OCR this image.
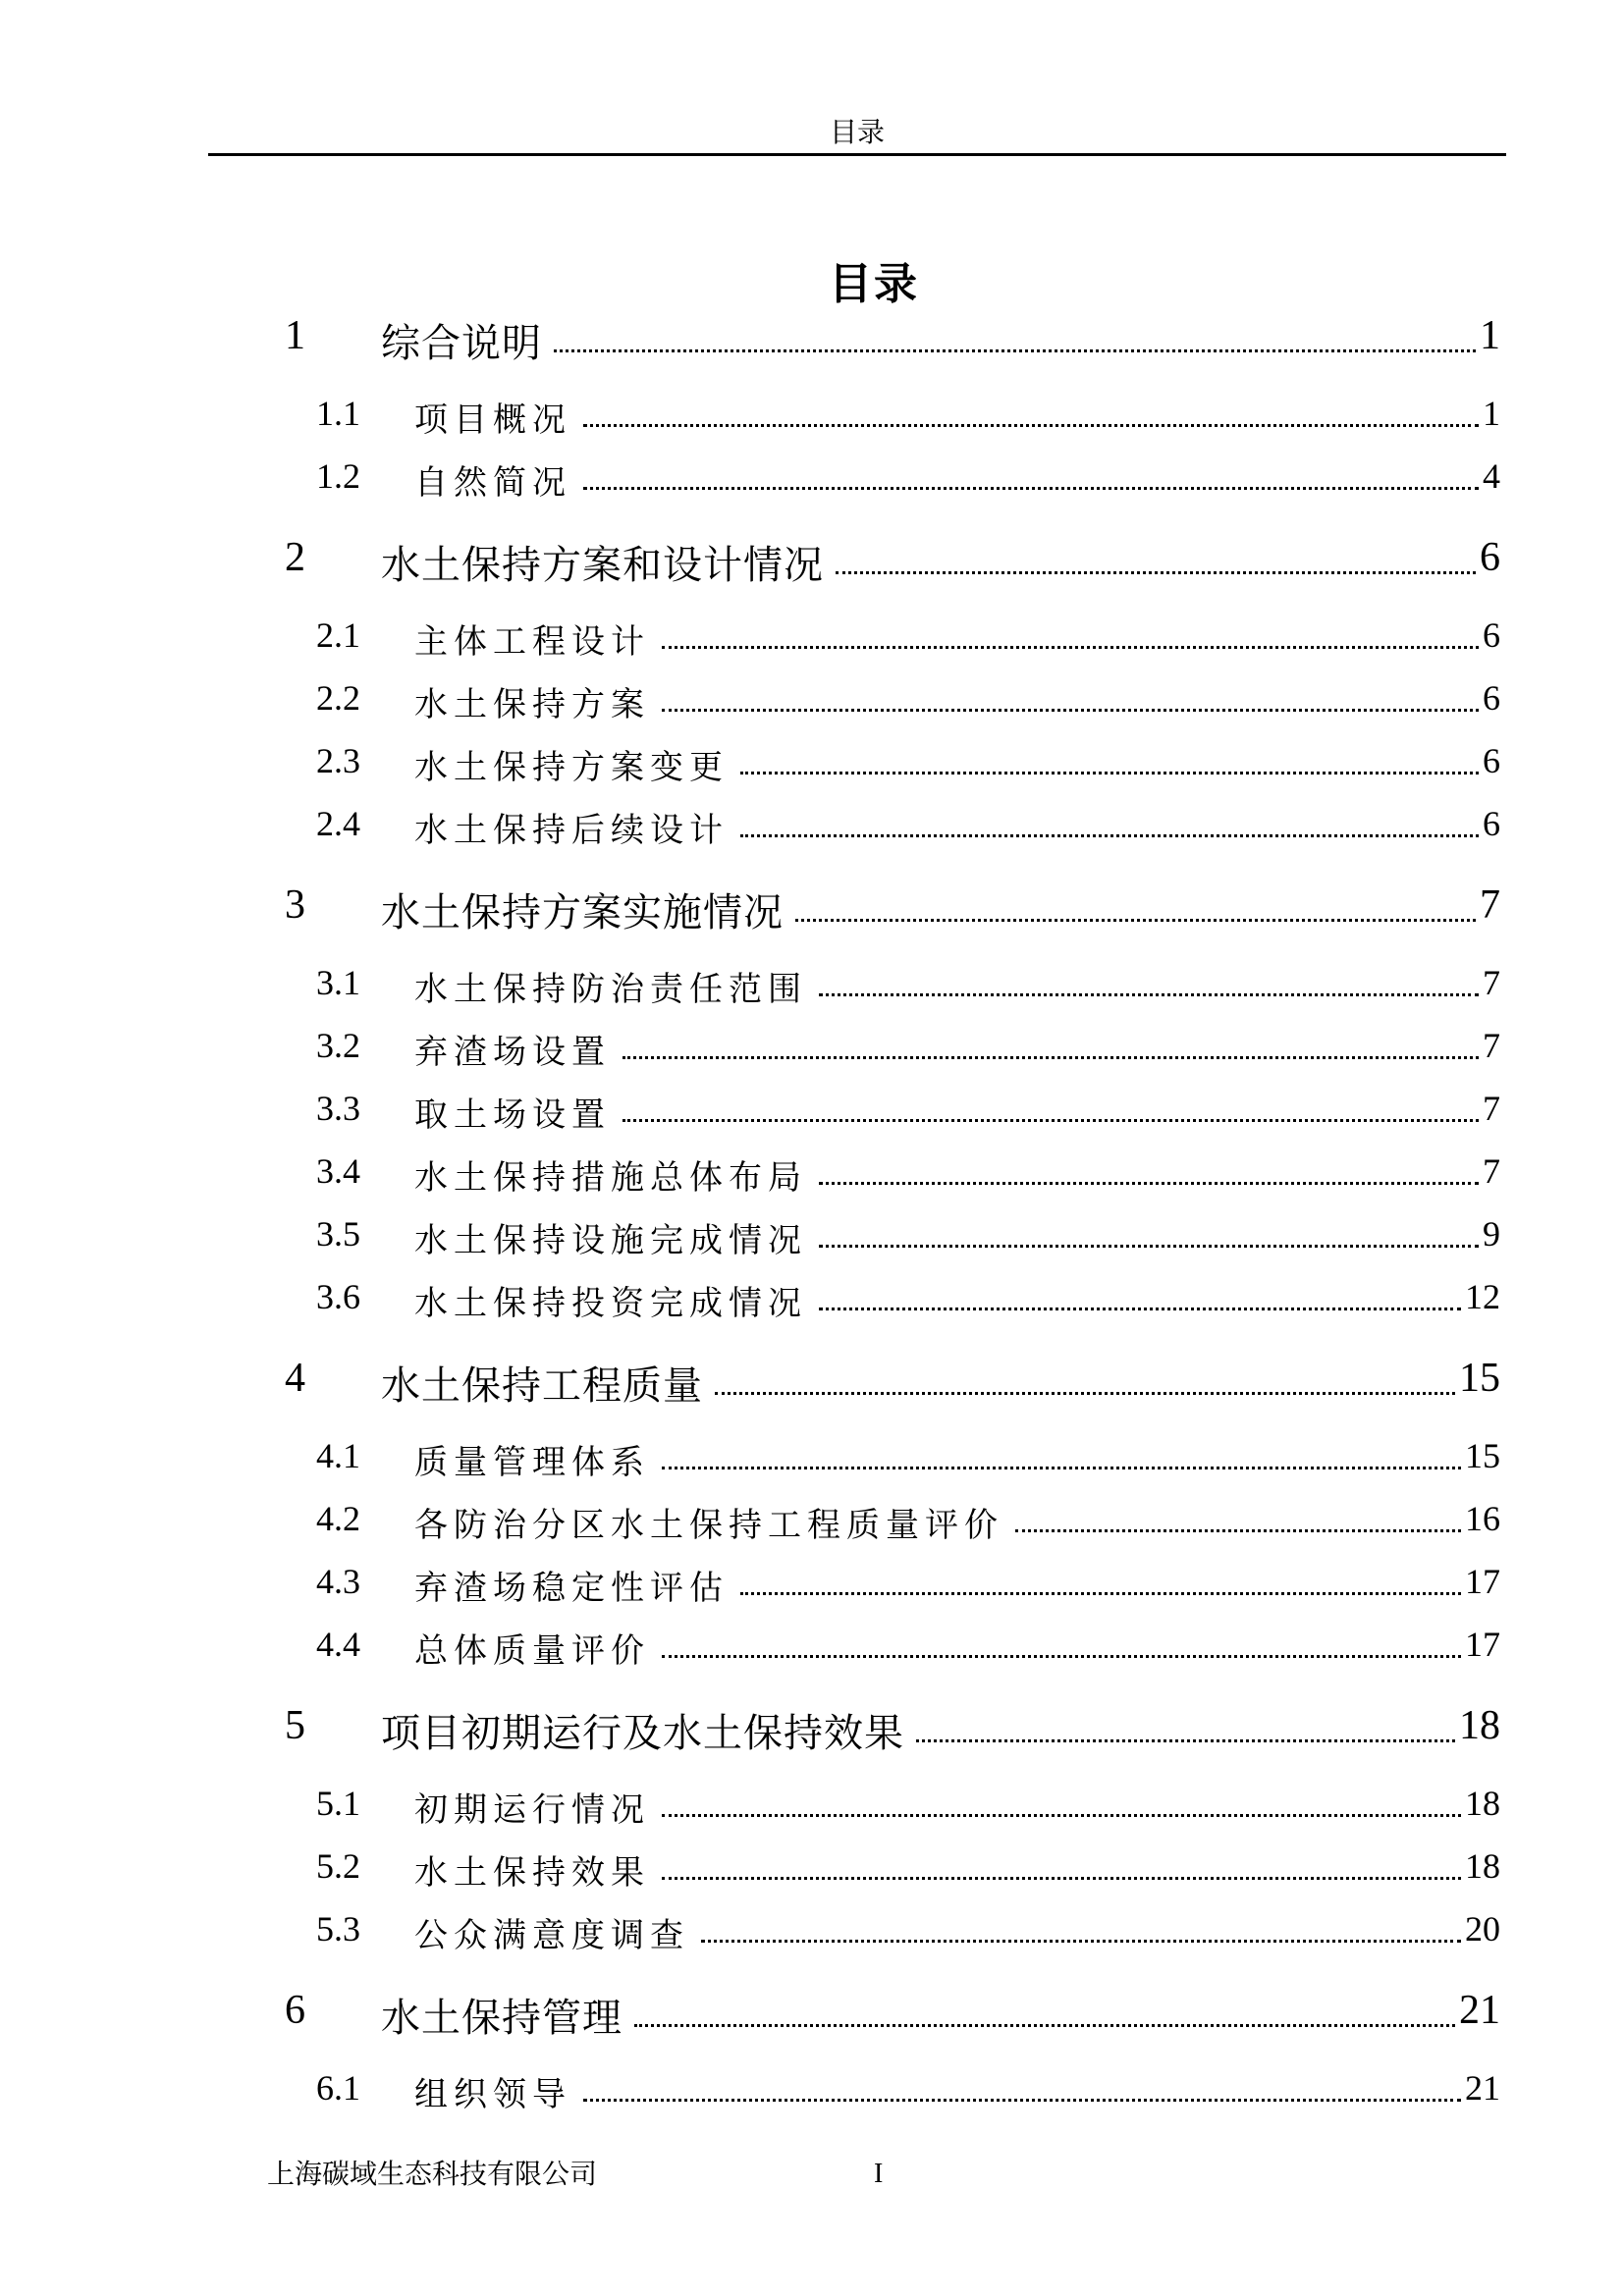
目录
目录
1 综合说明	1
1.1 项目概况	1
1.2 自然简况	4
2 水土保持方案和设计情况	6
2.1 主体工程设计	6
2.2 水土保持方案	6
2.3 水土保持方案变更	6
2.4 水土保持后续设计	6
3 水土保持方案实施情况	7
3.1 水土保持防治责任范围	7
3.2 弃渣场设置	7
3.3 取土场设置	7
3.4 水土保持措施总体布局	7
3.5 水土保持设施完成情况	9
3.6 水土保持投资完成情况	12
4 水土保持工程质量	15
4.1 质量管理体系	15
4.2 各防治分区水土保持工程质量评价	16
4.3 弃渣场稳定性评估	17
4.4 总体质量评价	17
5 项目初期运行及水土保持效果	18
5.1 初期运行情况	18
5.2 水土保持效果	18
5.3 公众满意度调查	20
6 水土保持管理	21
6.1 组织领导	21
上海碳域生态科技有限公司	I
